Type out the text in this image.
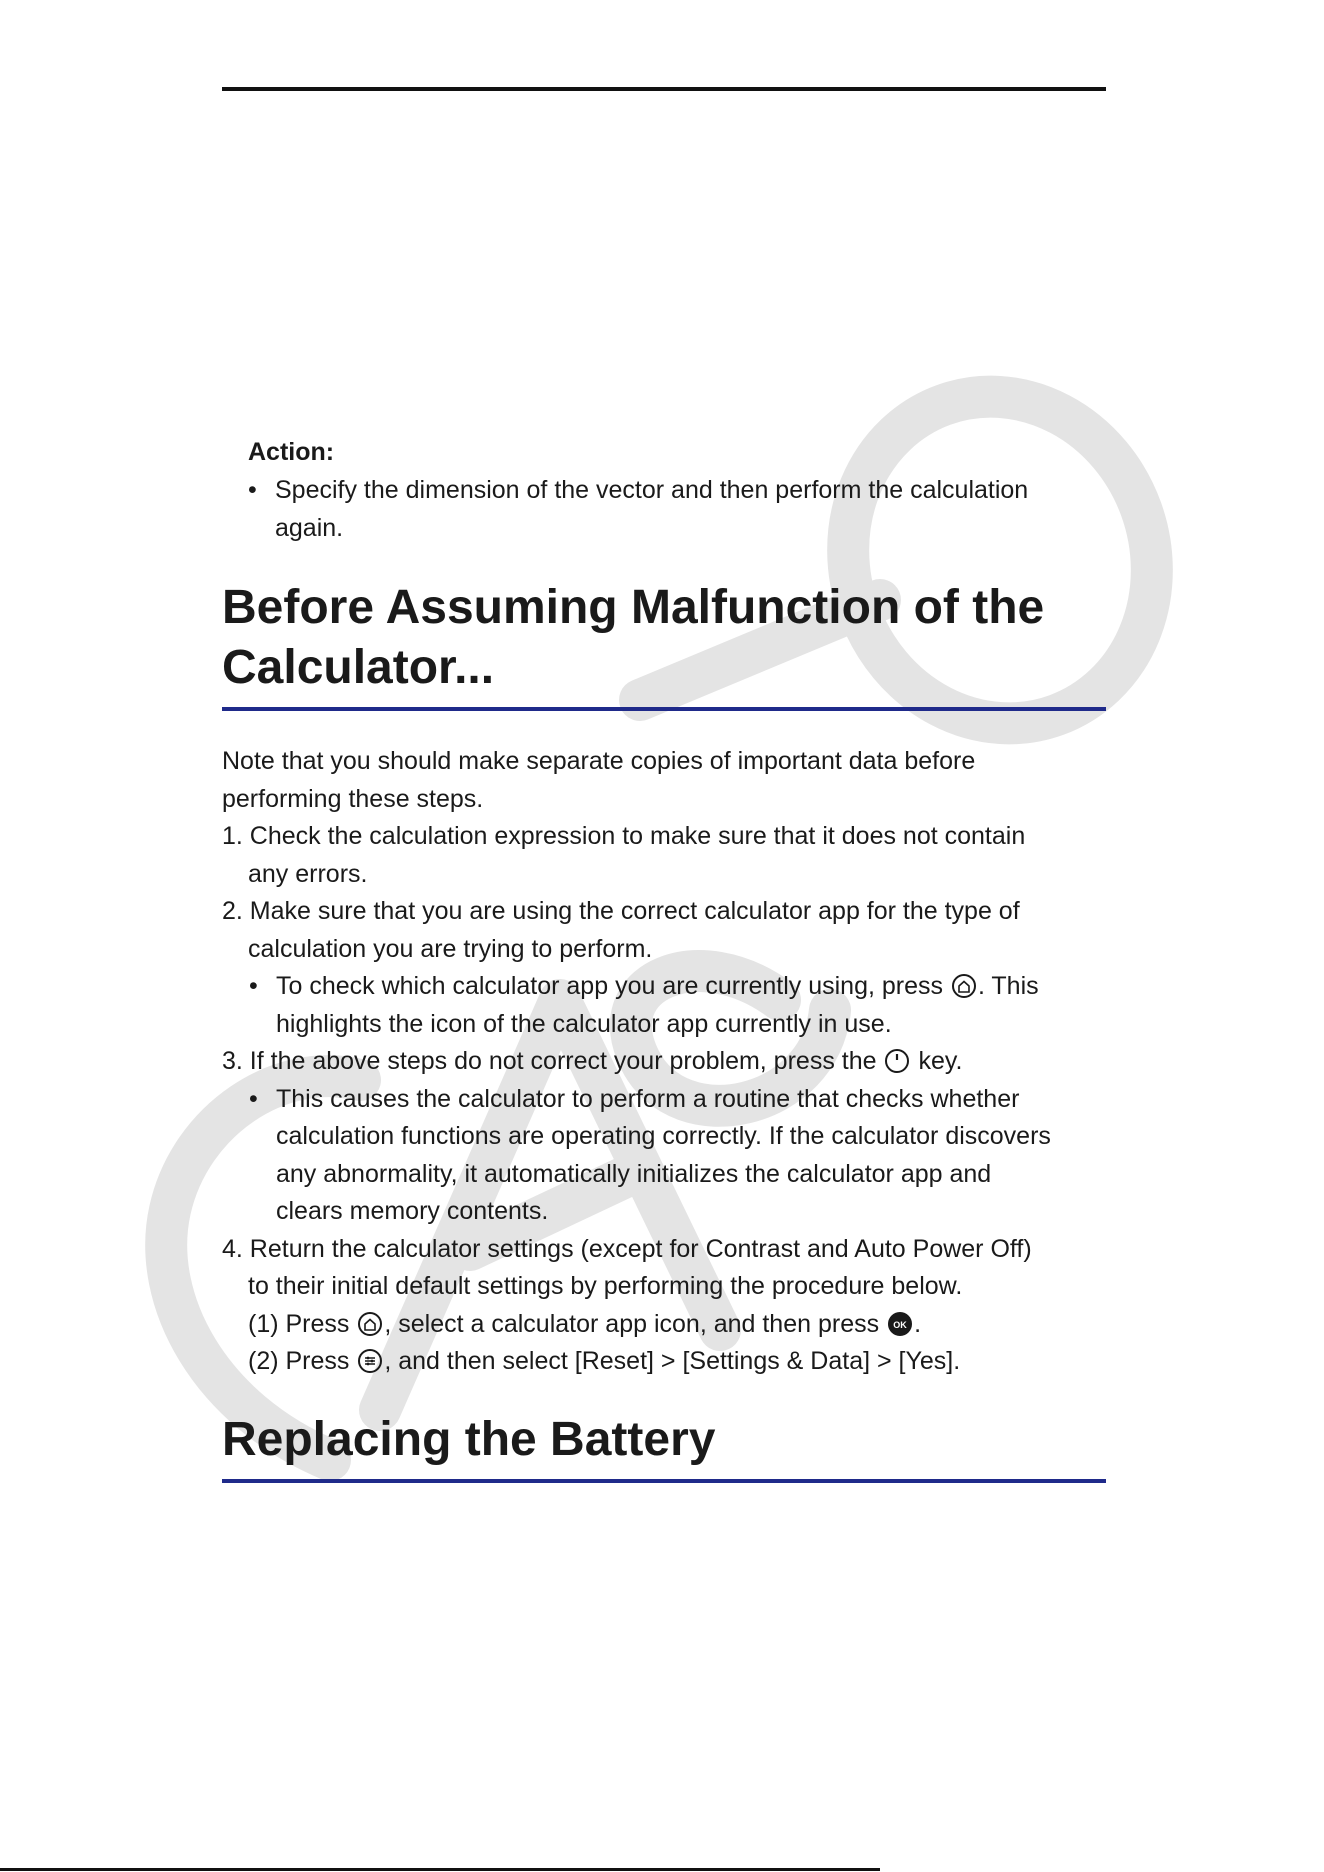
Action:

• Specify the dimension of the vector and then perform the calculation
again.
Before Assuming Malfunction of the
Calculator...
Note that you should make separate copies of important data before
performing these steps.
1. Check the calculation expression to make sure that it does not contain
any errors.
2. Make sure that you are using the correct calculator app for the type of
calculation you are trying to perform.
• To check which calculator app you are currently using, press . This
highlights the icon of the calculator app currently in use.
3. If the above steps do not correct your problem, press the key.
• This causes the calculator to perform a routine that checks whether
calculation functions are operating correctly. If the calculator discovers
any abnormality, it automatically initializes the calculator app and
clears memory contents.
4. Return the calculator settings (except for Contrast and Auto Power Off)
to their initial default settings by performing the procedure below.
(1) Press , select a calculator app icon, and then press OK .
(2) Press , and then select [Reset] > [Settings & Data] > [Yes].
Replacing the Battery
